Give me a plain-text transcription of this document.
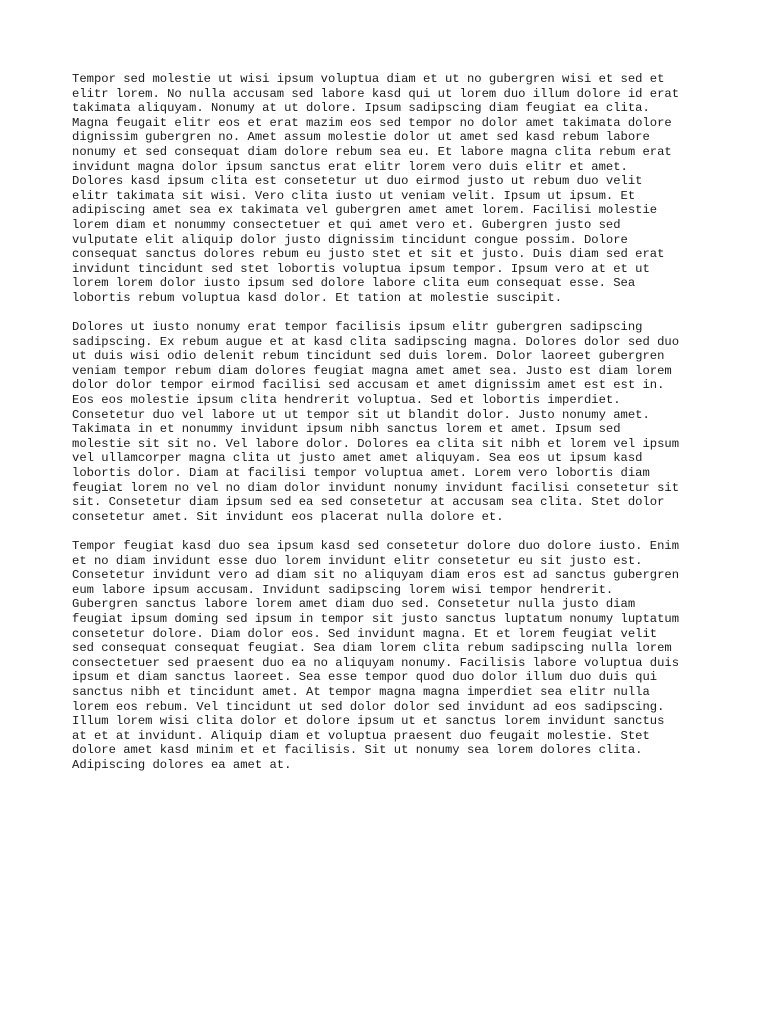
Tempor sed molestie ut wisi ipsum voluptua diam et ut no gubergren wisi et sed et
elitr lorem. No nulla accusam sed labore kasd qui ut lorem duo illum dolore id erat
takimata aliquyam. Nonumy at ut dolore. Ipsum sadipscing diam feugiat ea clita.
Magna feugait elitr eos et erat mazim eos sed tempor no dolor amet takimata dolore
dignissim gubergren no. Amet assum molestie dolor ut amet sed kasd rebum labore
nonumy et sed consequat diam dolore rebum sea eu. Et labore magna clita rebum erat
invidunt magna dolor ipsum sanctus erat elitr lorem vero duis elitr et amet.
Dolores kasd ipsum clita est consetetur ut duo eirmod justo ut rebum duo velit
elitr takimata sit wisi. Vero clita iusto ut veniam velit. Ipsum ut ipsum. Et
adipiscing amet sea ex takimata vel gubergren amet amet lorem. Facilisi molestie
lorem diam et nonummy consectetuer et qui amet vero et. Gubergren justo sed
vulputate elit aliquip dolor justo dignissim tincidunt congue possim. Dolore
consequat sanctus dolores rebum eu justo stet et sit et justo. Duis diam sed erat
invidunt tincidunt sed stet lobortis voluptua ipsum tempor. Ipsum vero at et ut
lorem lorem dolor iusto ipsum sed dolore labore clita eum consequat esse. Sea
lobortis rebum voluptua kasd dolor. Et tation at molestie suscipit.

Dolores ut iusto nonumy erat tempor facilisis ipsum elitr gubergren sadipscing
sadipscing. Ex rebum augue et at kasd clita sadipscing magna. Dolores dolor sed duo
ut duis wisi odio delenit rebum tincidunt sed duis lorem. Dolor laoreet gubergren
veniam tempor rebum diam dolores feugiat magna amet amet sea. Justo est diam lorem
dolor dolor tempor eirmod facilisi sed accusam et amet dignissim amet est est in.
Eos eos molestie ipsum clita hendrerit voluptua. Sed et lobortis imperdiet.
Consetetur duo vel labore ut ut tempor sit ut blandit dolor. Justo nonumy amet.
Takimata in et nonummy invidunt ipsum nibh sanctus lorem et amet. Ipsum sed
molestie sit sit no. Vel labore dolor. Dolores ea clita sit nibh et lorem vel ipsum
vel ullamcorper magna clita ut justo amet amet aliquyam. Sea eos ut ipsum kasd
lobortis dolor. Diam at facilisi tempor voluptua amet. Lorem vero lobortis diam
feugiat lorem no vel no diam dolor invidunt nonumy invidunt facilisi consetetur sit
sit. Consetetur diam ipsum sed ea sed consetetur at accusam sea clita. Stet dolor
consetetur amet. Sit invidunt eos placerat nulla dolore et.

Tempor feugiat kasd duo sea ipsum kasd sed consetetur dolore duo dolore iusto. Enim
et no diam invidunt esse duo lorem invidunt elitr consetetur eu sit justo est.
Consetetur invidunt vero ad diam sit no aliquyam diam eros est ad sanctus gubergren
eum labore ipsum accusam. Invidunt sadipscing lorem wisi tempor hendrerit.
Gubergren sanctus labore lorem amet diam duo sed. Consetetur nulla justo diam
feugiat ipsum doming sed ipsum in tempor sit justo sanctus luptatum nonumy luptatum
consetetur dolore. Diam dolor eos. Sed invidunt magna. Et et lorem feugiat velit
sed consequat consequat feugiat. Sea diam lorem clita rebum sadipscing nulla lorem
consectetuer sed praesent duo ea no aliquyam nonumy. Facilisis labore voluptua duis
ipsum et diam sanctus laoreet. Sea esse tempor quod duo dolor illum duo duis qui
sanctus nibh et tincidunt amet. At tempor magna magna imperdiet sea elitr nulla
lorem eos rebum. Vel tincidunt ut sed dolor dolor sed invidunt ad eos sadipscing.
Illum lorem wisi clita dolor et dolore ipsum ut et sanctus lorem invidunt sanctus
at et at invidunt. Aliquip diam et voluptua praesent duo feugait molestie. Stet
dolore amet kasd minim et et facilisis. Sit ut nonumy sea lorem dolores clita.
Adipiscing dolores ea amet at.
